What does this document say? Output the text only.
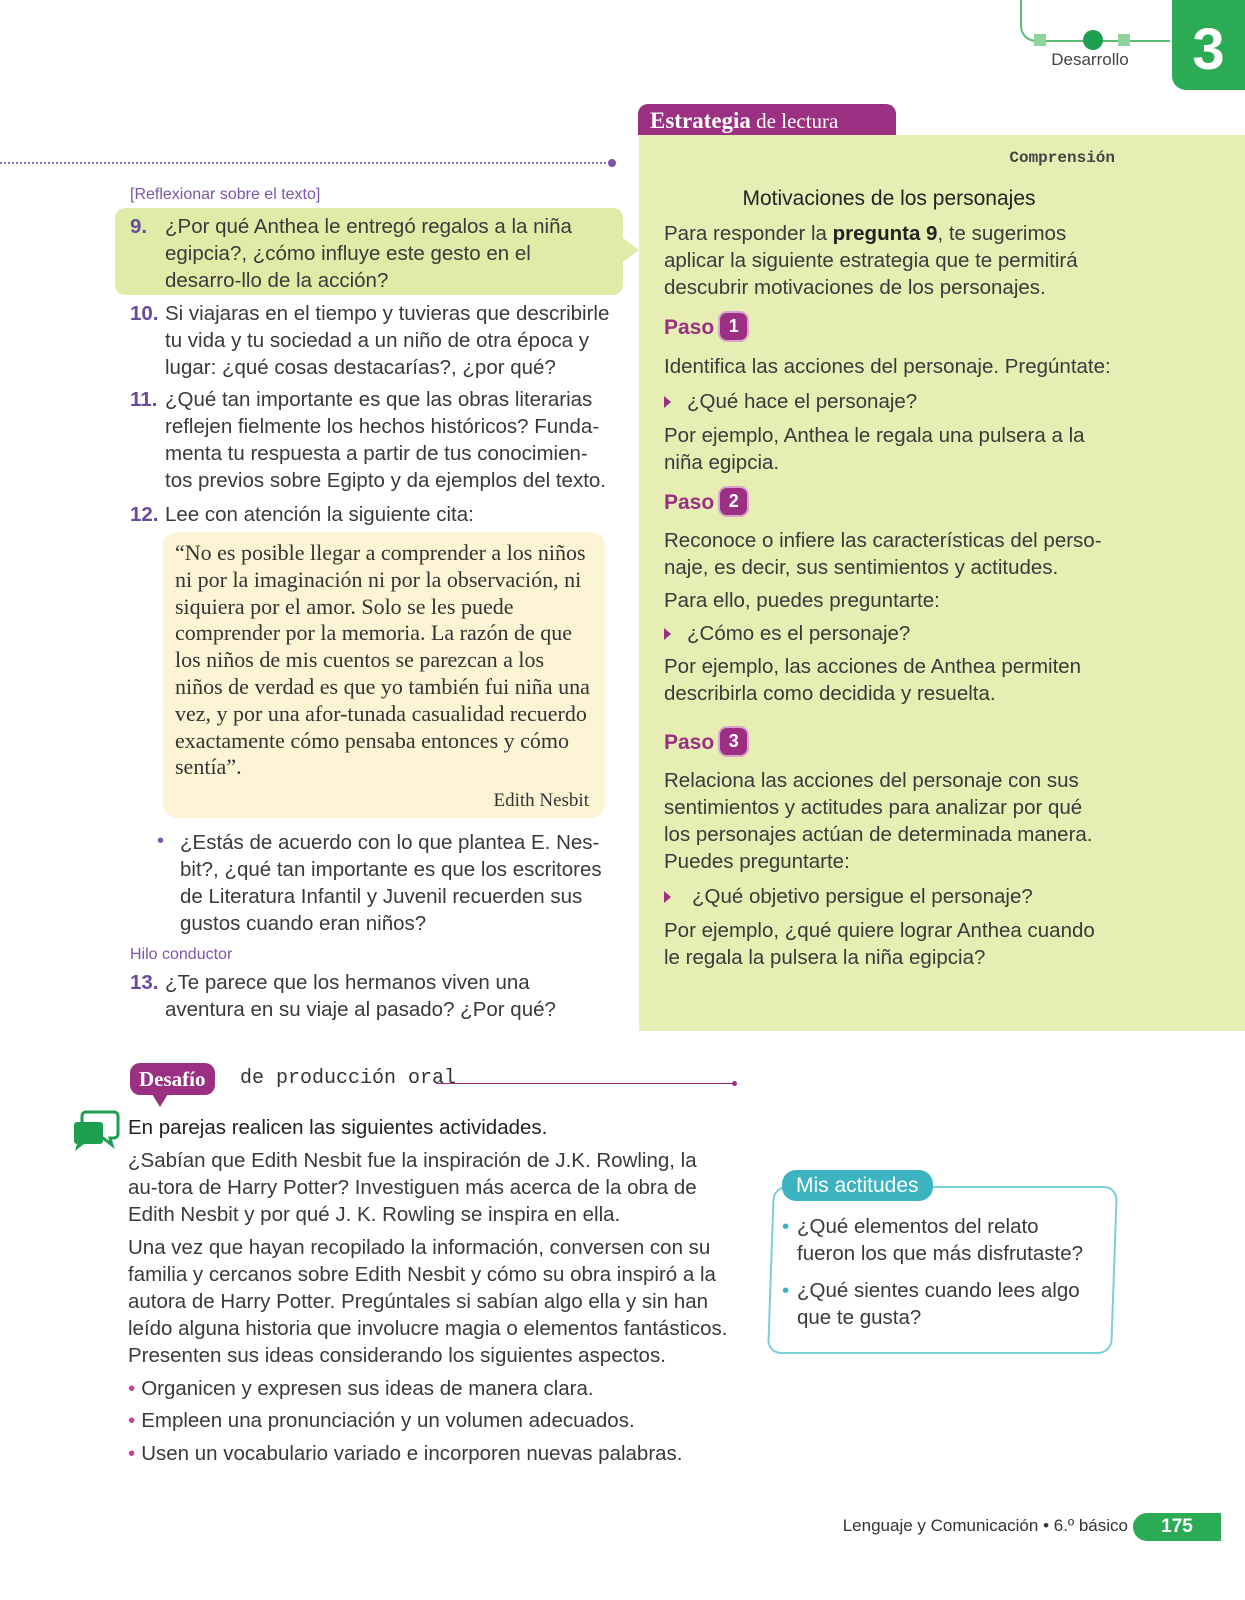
Desarrollo	3
[Reflexionar sobre el texto]
9. ¿Por qué Anthea le entregó regalos a la niña egipcia?, ¿cómo influye este gesto en el desarro-llo de la acción?
10. Si viajaras en el tiempo y tuvieras que describirle tu vida y tu sociedad a un niño de otra época y lugar: ¿qué cosas destacarías?, ¿por qué?
11. ¿Qué tan importante es que las obras literarias reflejen fielmente los hechos históricos? Funda-menta tu respuesta a partir de tus conocimien-tos previos sobre Egipto y da ejemplos del texto.
12. Lee con atención la siguiente cita:
“No es posible llegar a comprender a los niños ni por la imaginación ni por la observación, ni siquiera por el amor. Solo se les puede comprender por la memoria. La razón de que los niños de mis cuentos se parezcan a los niños de verdad es que yo también fui niña una vez, y por una afor-tunada casualidad recuerdo exactamente cómo pensaba entonces y cómo sentía”.
Edith Nesbit
• ¿Estás de acuerdo con lo que plantea E. Nes-bit?, ¿qué tan importante es que los escritores de Literatura Infantil y Juvenil recuerden sus gustos cuando eran niños?
Hilo conductor
13. ¿Te parece que los hermanos viven una aventura en su viaje al pasado? ¿Por qué?
Estrategia de lectura
Comprensión
Motivaciones de los personajes
Para responder la pregunta 9, te sugerimos aplicar la siguiente estrategia que te permitirá descubrir motivaciones de los personajes.
Paso 1
Identifica las acciones del personaje. Pregúntate:
¿Qué hace el personaje?
Por ejemplo, Anthea le regala una pulsera a la niña egipcia.
Paso 2
Reconoce o infiere las características del perso-naje, es decir, sus sentimientos y actitudes.
Para ello, puedes preguntarte:
¿Cómo es el personaje?
Por ejemplo, las acciones de Anthea permiten describirla como decidida y resuelta.
Paso 3
Relaciona las acciones del personaje con sus sentimientos y actitudes para analizar por qué los personajes actúan de determinada manera. Puedes preguntarte:
¿Qué objetivo persigue el personaje?
Por ejemplo, ¿qué quiere lograr Anthea cuando le regala la pulsera la niña egipcia?
Desafío	de producción oral
En parejas realicen las siguientes actividades.
¿Sabían que Edith Nesbit fue la inspiración de J.K. Rowling, la au-tora de Harry Potter? Investiguen más acerca de la obra de Edith Nesbit y por qué J. K. Rowling se inspira en ella.
Una vez que hayan recopilado la información, conversen con su familia y cercanos sobre Edith Nesbit y cómo su obra inspiró a la autora de Harry Potter. Pregúntales si sabían algo ella y sin han leído alguna historia que involucre magia o elementos fantásticos. Presenten sus ideas considerando los siguientes aspectos.
• Organicen y expresen sus ideas de manera clara.
• Empleen una pronunciación y un volumen adecuados.
• Usen un vocabulario variado e incorporen nuevas palabras.
Mis actitudes
• ¿Qué elementos del relato fueron los que más disfrutaste?
• ¿Qué sientes cuando lees algo que te gusta?
Lenguaje y Comunicación • 6.º básico	175
